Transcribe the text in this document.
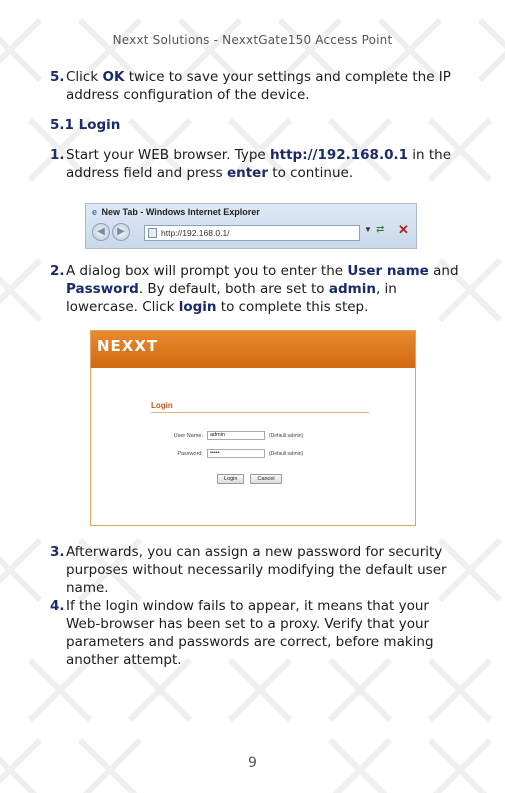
Nexxt Solutions - NexxtGate150 Access Point
5. Click OK twice to save your settings and complete the IP address configuration of the device.
5.1 Login
1. Start your WEB browser. Type http://192.168.0.1 in the address field and press enter to continue.
e New Tab - Windows Internet Explorer
◀	▶	http://192.168.0.1/	▼ ⇄ ✕
2. A dialog box will prompt you to enter the User name and Password. By default, both are set to admin, in lowercase. Click login to complete this step.
NEXXT
Login
User Name:	admin	(Default:admin)
Password:	•••••	(Default:admin)
Login	Cancel
3. Afterwards, you can assign a new password for security purposes without necessarily modifying the default user name.
4. If the login window fails to appear, it means that your Web-browser has been set to a proxy. Verify that your parameters and passwords are correct, before making another attempt.
9
